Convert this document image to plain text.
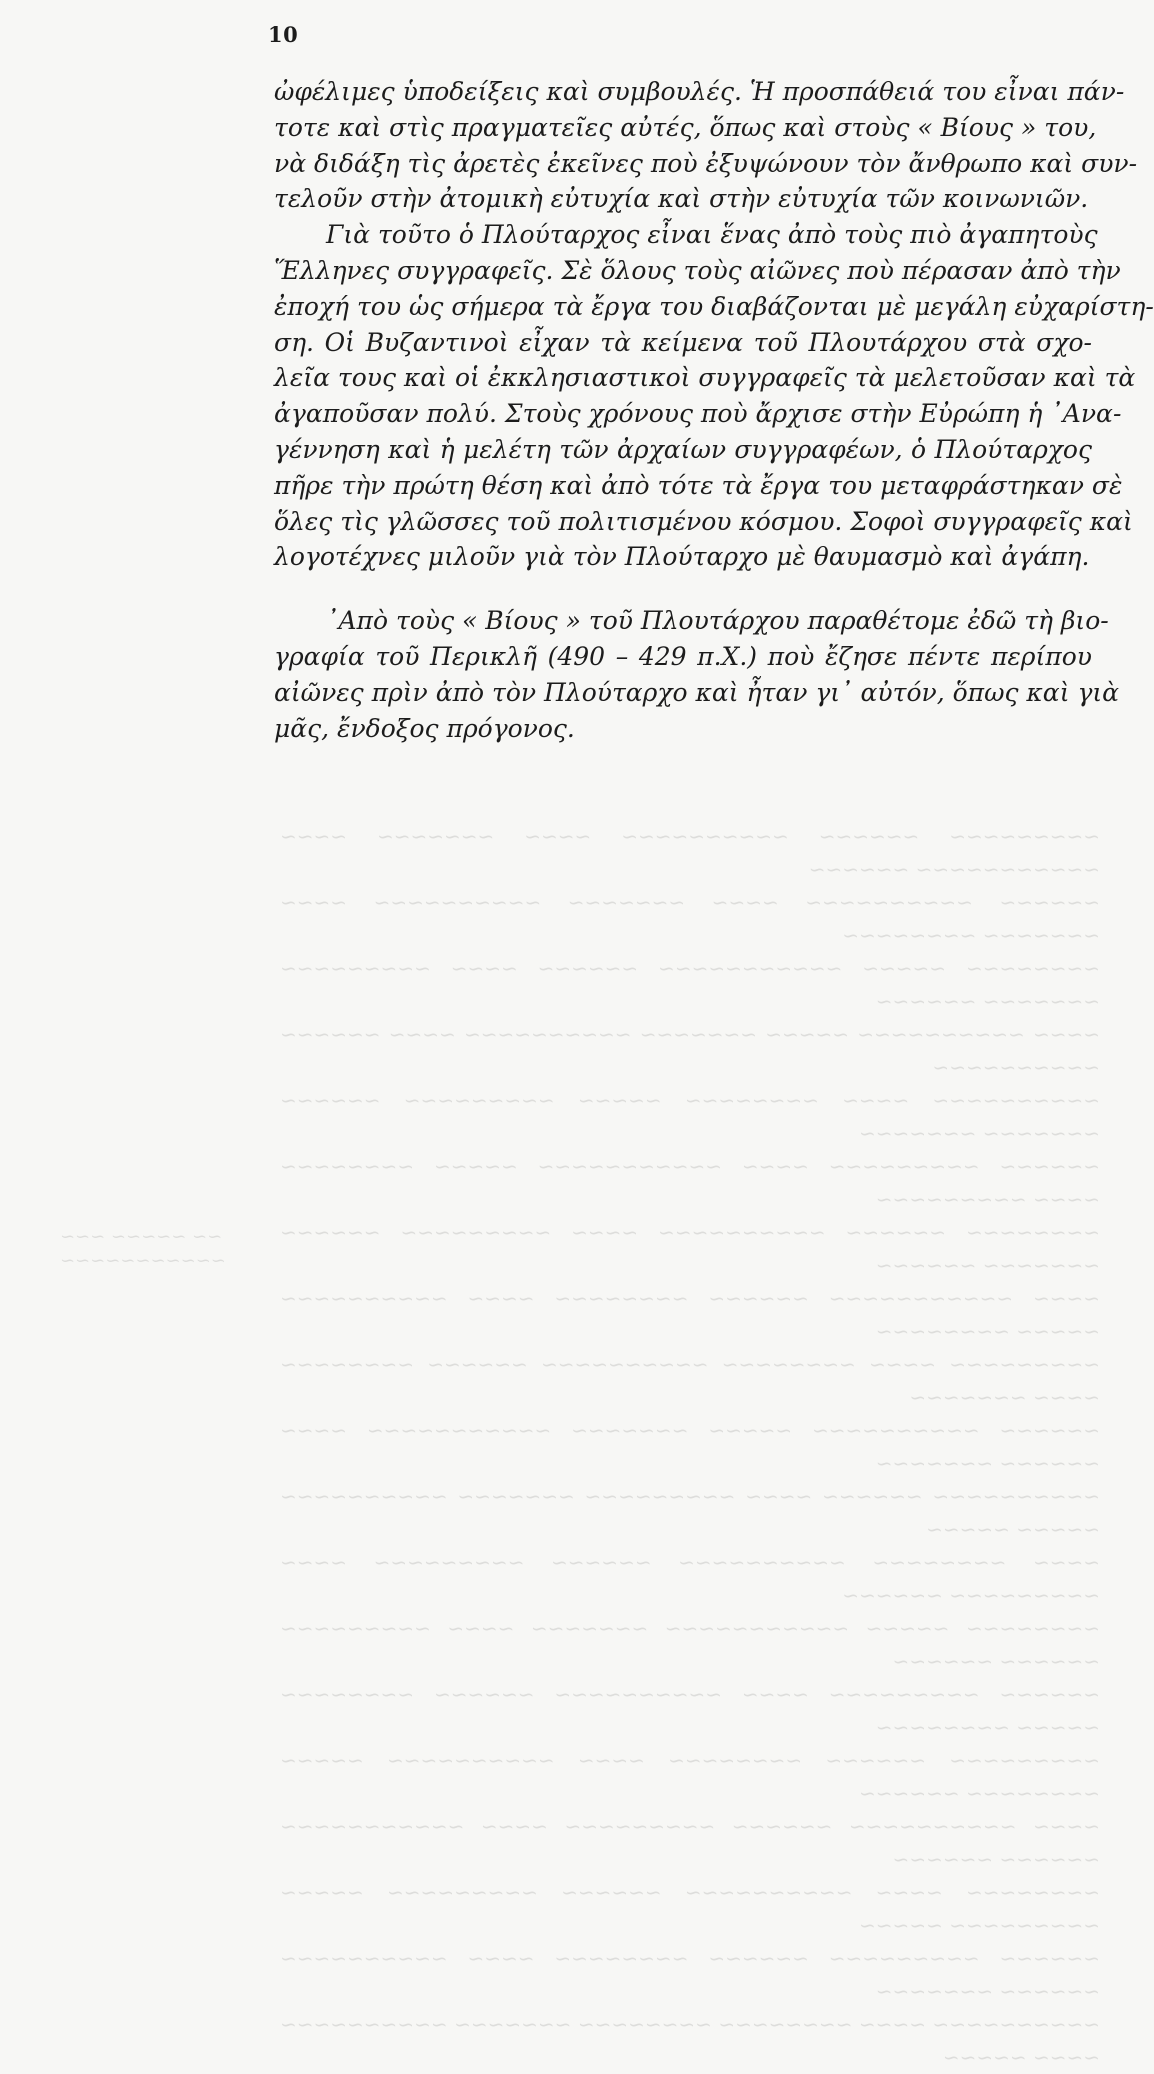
~~~~~~~~~ ~~~~~~ ~~~~~~~~~~ ~~~~ ~~~~~~~ ~~~~ ~~~~~~~~~~~ ~~~~~~
~~~~~~ ~~~~~~~~~~ ~~~~ ~~~~~~~ ~~~~~~~~~~ ~~~~ ~~~~~~~ ~~~~~~~~
~~~~~~~~ ~~~~~ ~~~~~~~~~~~ ~~~~~~ ~~~~ ~~~~~~~~~ ~~~~~~~ ~~~~~~
~~~~ ~~~~~~~~~~ ~~~~~ ~~~~~~~ ~~~~~~~~~~ ~~~~ ~~~~~~ ~~~~~~~~~~
~~~~~~~~~~ ~~~~ ~~~~~~~~ ~~~~~ ~~~~~~~~~ ~~~~~~ ~~~~~~~ ~~~~~~~
~~~~~~ ~~~~~~~~~ ~~~~ ~~~~~~~~~~~ ~~~~~ ~~~~~~~~ ~~~~ ~~~~~~~~~
~~~~~~~~ ~~~~~~ ~~~~~~~~~~ ~~~~ ~~~~~~~~~ ~~~~~~ ~~~~~~~ ~~~~~~
~~~~ ~~~~~~~~~~~ ~~~~~~ ~~~~~~~~ ~~~~ ~~~~~~~~~~ ~~~~~ ~~~~~~~~
~~~~~~~~~ ~~~~ ~~~~~~~~ ~~~~~~~~~~ ~~~~~~ ~~~~~~~~ ~~~~ ~~~~~~~
~~~~~~ ~~~~~~~~~~ ~~~~~ ~~~~~~~ ~~~~~~~~~~~ ~~~~ ~~~~~~ ~~~~~~~
~~~~~~~~~~ ~~~~~~ ~~~~ ~~~~~~~~~ ~~~~~~~ ~~~~~~~~~~ ~~~~~ ~~~~~
~~~~ ~~~~~~~~ ~~~~~~~~~~ ~~~~~~ ~~~~~~~~~ ~~~~ ~~~~~~~~~ ~~~~~~
~~~~~~~~ ~~~~~ ~~~~~~~~~~~ ~~~~~~~ ~~~~ ~~~~~~~~~ ~~~~~~ ~~~~~~
~~~~~~ ~~~~~~~~~ ~~~~ ~~~~~~~~~~ ~~~~~~ ~~~~~~~~ ~~~~~ ~~~~~~~~
~~~~~~~~~ ~~~~~~ ~~~~~~~~ ~~~~ ~~~~~~~~~~ ~~~~~ ~~~~~~~~ ~~~~~~
~~~~ ~~~~~~~~~~ ~~~~~~ ~~~~~~~~~ ~~~~ ~~~~~~~~~~~ ~~~~~~ ~~~~~~
~~~~~~~~ ~~~~ ~~~~~~~~~~ ~~~~~~ ~~~~~~~~~ ~~~~~ ~~~~~~~~~ ~~~~~
~~~~~~ ~~~~~~~~~ ~~~~~~ ~~~~~~~~ ~~~~ ~~~~~~~~~~ ~~~~~~ ~~~~~~~
~~~~~~~~~~ ~~~~ ~~~~~~~~ ~~~~~~~~ ~~~~~~~ ~~~~~~~~~~ ~~~~ ~~~~~
~~ ~~~~~ ~~~
~~~~~~~~~~~
10
ὠφέλιμες ὑποδείξεις καὶ συμβουλές. Ἡ προσπάθειά του εἶναι πάν-
τοτε καὶ στὶς πραγματεῖες αὐτές, ὅπως καὶ στοὺς « Βίους » του,
νὰ διδάξη τὶς ἀρετὲς ἐκεῖνες ποὺ ἐξυψώνουν τὸν ἄνθρωπο καὶ συν-
τελοῦν στὴν ἀτομικὴ εὐτυχία καὶ στὴν εὐτυχία τῶν κοινωνιῶν.
Γιὰ τοῦτο ὁ Πλούταρχος εἶναι ἕνας ἀπὸ τοὺς πιὸ ἀγαπητοὺς
Ἕλληνες συγγραφεῖς. Σὲ ὅλους τοὺς αἰῶνες ποὺ πέρασαν ἀπὸ τὴν
ἐποχή του ὡς σήμερα τὰ ἔργα του διαβάζονται μὲ μεγάλη εὐχαρίστη-
ση. Οἱ Βυζαντινοὶ εἶχαν τὰ κείμενα τοῦ Πλουτάρχου στὰ σχο-
λεῖα τους καὶ οἱ ἐκκλησιαστικοὶ συγγραφεῖς τὰ μελετοῦσαν καὶ τὰ
ἀγαποῦσαν πολύ. Στοὺς χρόνους ποὺ ἄρχισε στὴν Εὐρώπη ἡ ᾿Ανα-
γέννηση καὶ ἡ μελέτη τῶν ἀρχαίων συγγραφέων, ὁ Πλούταρχος
πῆρε τὴν πρώτη θέση καὶ ἀπὸ τότε τὰ ἔργα του μεταφράστηκαν σὲ
ὅλες τὶς γλῶσσες τοῦ πολιτισμένου κόσμου. Σοφοὶ συγγραφεῖς καὶ
λογοτέχνες μιλοῦν γιὰ τὸν Πλούταρχο μὲ θαυμασμὸ καὶ ἀγάπη.
᾿Απὸ τοὺς « Βίους » τοῦ Πλουτάρχου παραθέτομε ἐδῶ τὴ βιο-
γραφία τοῦ Περικλῆ (490 – 429 π.Χ.) ποὺ ἔζησε πέντε περίπου
αἰῶνες πρὶν ἀπὸ τὸν Πλούταρχο καὶ ἦταν γι᾿ αὐτόν, ὅπως καὶ γιὰ
μᾶς, ἔνδοξος πρόγονος.
